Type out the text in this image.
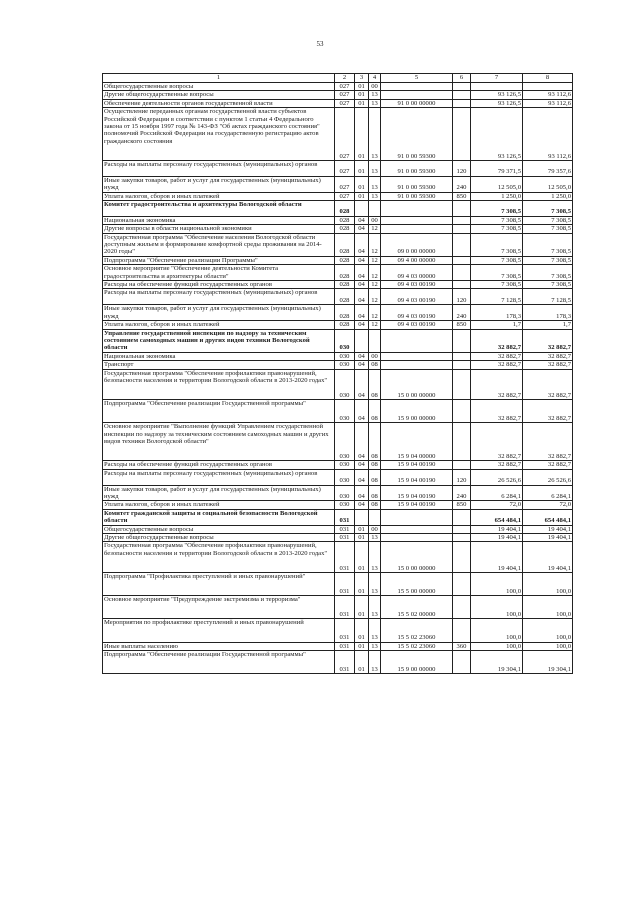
53
1	2	3	4	5	6	7	8
Общегосударственные вопросы	027	01	00				
Другие общегосударственные вопросы	027	01	13			93 126,5	93 112,6
Обеспечение деятельности органов государственной власти	027	01	13	91 0 00 00000		93 126,5	93 112,6
Осуществление переданных органам государственной власти субъектов Российской Федерации в соответствии с пунктом 1 статьи 4 Федерального закона от 15 ноября 1997 года № 143-ФЗ "Об актах гражданского состояния" полномочий Российской Федерации на государственную регистрацию актов гражданского состояния	027	01	13	91 0 00 59300		93 126,5	93 112,6
Расходы на выплаты персоналу государственных (муниципальных) органов	027	01	13	91 0 00 59300	120	79 371,5	79 357,6
Иные закупки товаров, работ и услуг для государственных (муниципальных) нужд	027	01	13	91 0 00 59300	240	12 505,0	12 505,0
Уплата налогов, сборов и иных платежей	027	01	13	91 0 00 59300	850	1 250,0	1 250,0
Комитет градостроительства и архитектуры Вологодской области	028					7 308,5	7 308,5
Национальная экономика	028	04	00			7 308,5	7 308,5
Другие вопросы в области национальной экономики	028	04	12			7 308,5	7 308,5
Государственная программа "Обеспечение населения Вологодской области доступным жильем и формирование комфортной среды проживания на 2014-2020 годы"	028	04	12	09 0 00 00000		7 308,5	7 308,5
Подпрограмма "Обеспечение реализации Программы"	028	04	12	09 4 00 00000		7 308,5	7 308,5
Основное мероприятие "Обеспечение деятельности Комитета градостроительства и архитектуры области"	028	04	12	09 4 03 00000		7 308,5	7 308,5
Расходы на обеспечение функций государственных органов	028	04	12	09 4 03 00190		7 308,5	7 308,5
Расходы на выплаты персоналу государственных (муниципальных) органов	028	04	12	09 4 03 00190	120	7 128,5	7 128,5
Иные закупки товаров, работ и услуг для государственных (муниципальных) нужд	028	04	12	09 4 03 00190	240	178,3	178,3
Уплата налогов, сборов и иных платежей	028	04	12	09 4 03 00190	850	1,7	1,7
Управление государственной инспекции по надзору за техническим состоянием самоходных машин и других видов техники Вологодской области	030					32 882,7	32 882,7
Национальная экономика	030	04	00			32 882,7	32 882,7
Транспорт	030	04	08			32 882,7	32 882,7
Государственная программа "Обеспечение профилактики правонарушений, безопасности населения и территории Вологодской области в 2013-2020 годах"	030	04	08	15 0 00 00000		32 882,7	32 882,7
Подпрограмма "Обеспечение реализации Государственной программы"	030	04	08	15 9 00 00000		32 882,7	32 882,7
Основное мероприятие "Выполнение функций Управлением государственной инспекции по надзору за техническим состоянием самоходных машин и других видов техники Вологодской области"	030	04	08	15 9 04 00000		32 882,7	32 882,7
Расходы на обеспечение функций государственных органов	030	04	08	15 9 04 00190		32 882,7	32 882,7
Расходы на выплаты персоналу государственных (муниципальных) органов	030	04	08	15 9 04 00190	120	26 526,6	26 526,6
Иные закупки товаров, работ и услуг для государственных (муниципальных) нужд	030	04	08	15 9 04 00190	240	6 284,1	6 284,1
Уплата налогов, сборов и иных платежей	030	04	08	15 9 04 00190	850	72,0	72,0
Комитет гражданской защиты и социальной безопасности Вологодской области	031					654 484,1	654 484,1
Общегосударственные вопросы	031	01	00			19 404,1	19 404,1
Другие общегосударственные вопросы	031	01	13			19 404,1	19 404,1
Государственная программа "Обеспечение профилактики правонарушений, безопасности населения и территории Вологодской области в 2013-2020 годах"	031	01	13	15 0 00 00000		19 404,1	19 404,1
Подпрограмма "Профилактика преступлений и иных правонарушений"	031	01	13	15 5 00 00000		100,0	100,0
Основное мероприятие "Предупреждение экстремизма и терроризма"	031	01	13	15 5 02 00000		100,0	100,0
Мероприятия по профилактике преступлений и иных правонарушений	031	01	13	15 5 02 23060		100,0	100,0
Иные выплаты населению	031	01	13	15 5 02 23060	360	100,0	100,0
Подпрограмма "Обеспечение реализации Государственной программы"	031	01	13	15 9 00 00000		19 304,1	19 304,1
